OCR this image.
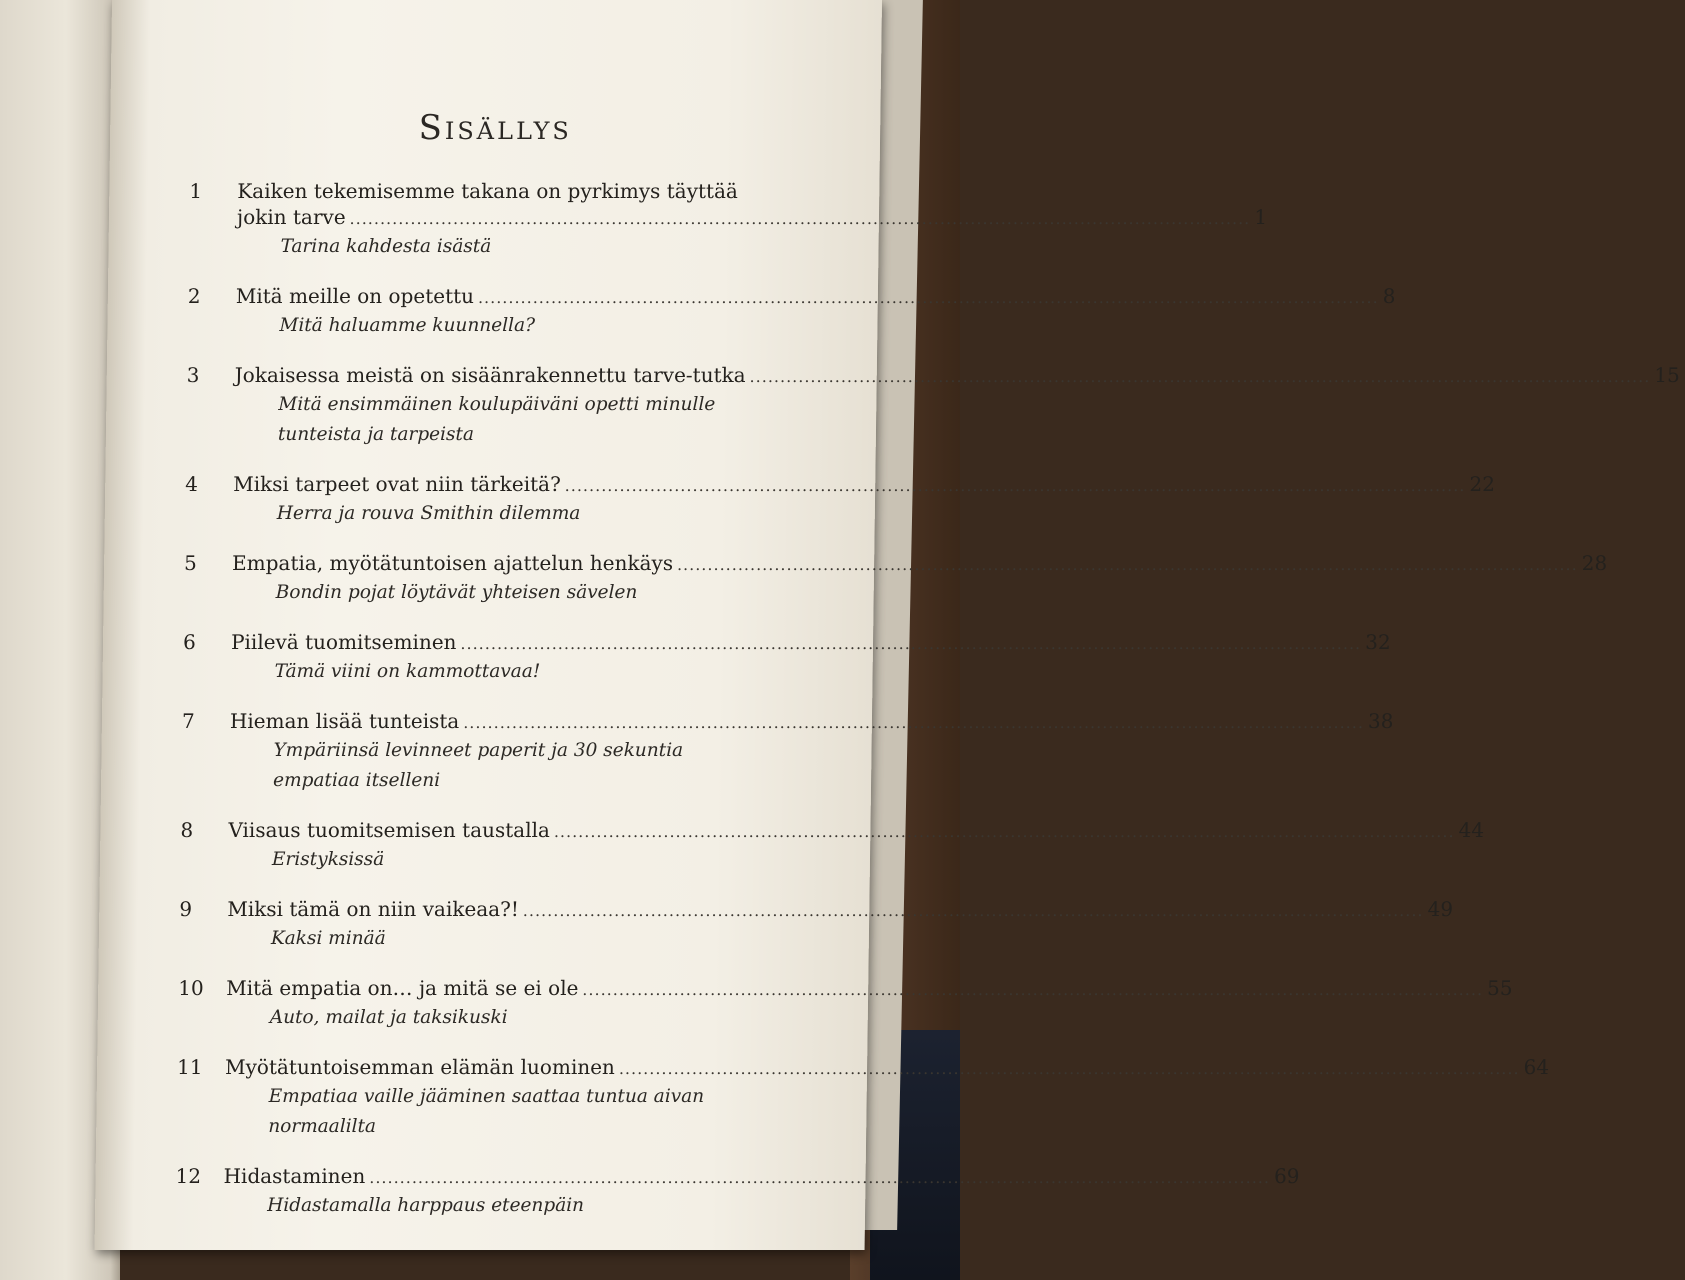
Sisällys
1	Kaiken tekemisemme takana on pyrkimys täyttää
jokin tarve .................................................................................................................................................... 1
Tarina kahdesta isästä
2	Mitä meille on opetettu .................................................................................................................................................... 8
Mitä haluamme kuunnella?
3	Jokaisessa meistä on sisäänrakennettu tarve-tutka .................................................................................................................................................... 15
Mitä ensimmäinen koulupäiväni opetti minulle
tunteista ja tarpeista
4	Miksi tarpeet ovat niin tärkeitä? .................................................................................................................................................... 22
Herra ja rouva Smithin dilemma
5	Empatia, myötätuntoisen ajattelun henkäys .................................................................................................................................................... 28
Bondin pojat löytävät yhteisen sävelen
6	Piilevä tuomitseminen .................................................................................................................................................... 32
Tämä viini on kammottavaa!
7	Hieman lisää tunteista .................................................................................................................................................... 38
Ympäriinsä levinneet paperit ja 30 sekuntia
empatiaa itselleni
8	Viisaus tuomitsemisen taustalla .................................................................................................................................................... 44
Eristyksissä
9	Miksi tämä on niin vaikeaa?! .................................................................................................................................................... 49
Kaksi minää
10	Mitä empatia on… ja mitä se ei ole .................................................................................................................................................... 55
Auto, mailat ja taksikuski
11	Myötätuntoisemman elämän luominen .................................................................................................................................................... 64
Empatiaa vaille jääminen saattaa tuntua aivan
normaalilta
12	Hidastaminen .................................................................................................................................................... 69
Hidastamalla harppaus eteenpäin
